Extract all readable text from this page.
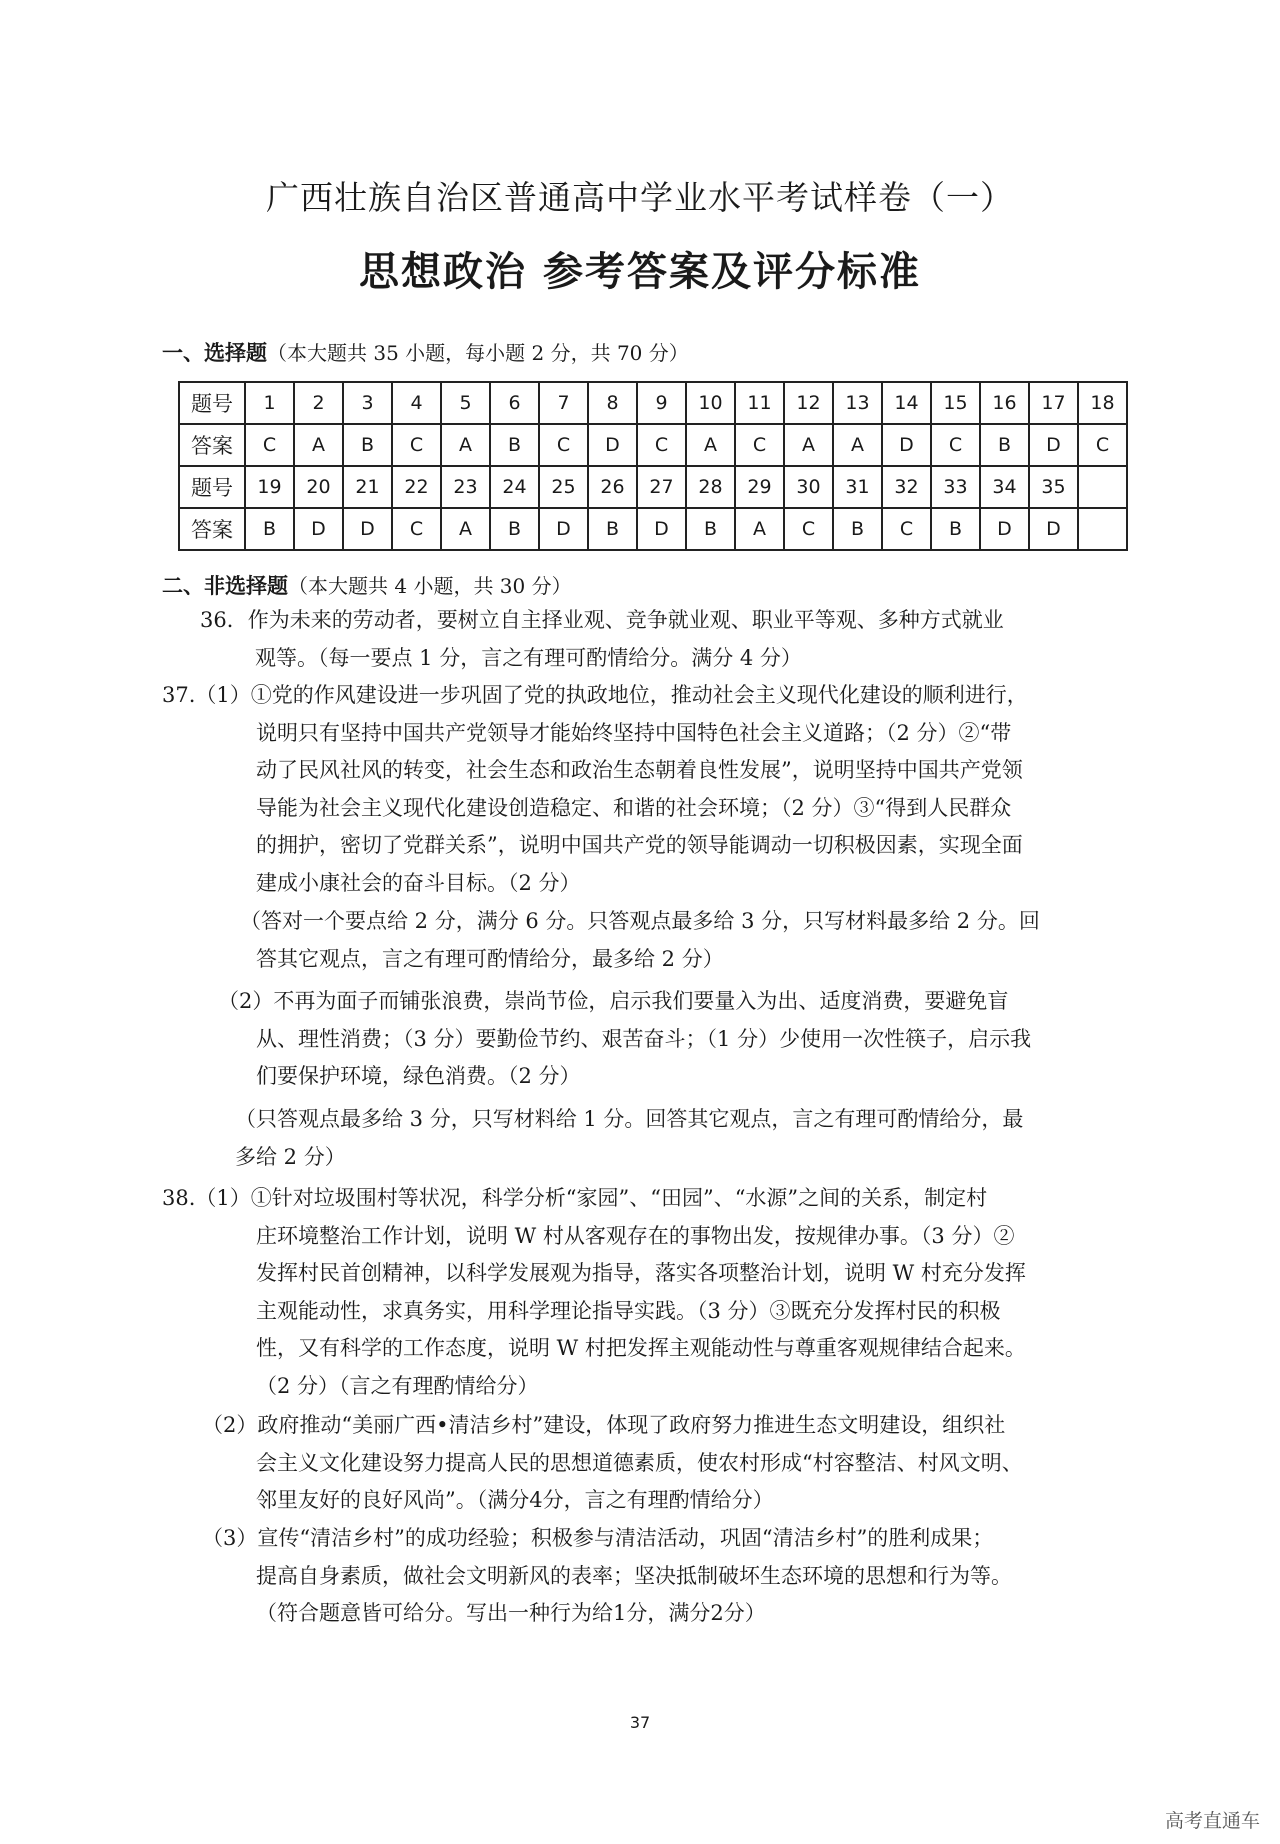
广西壮族自治区普通高中学业水平考试样卷（一）
思想政治 参考答案及评分标准
一、选择题（本大题共 35 小题，每小题 2 分，共 70 分）
题号	1	2	3	4	5	6	7	8	9	10	11	12	13	14	15	16	17	18
答案	C	A	B	C	A	B	C	D	C	A	C	A	A	D	C	B	D	C
题号	19	20	21	22	23	24	25	26	27	28	29	30	31	32	33	34	35	
答案	B	D	D	C	A	B	D	B	D	B	A	C	B	C	B	D	D	
二、非选择题（本大题共 4 小题，共 30 分）
36．作为未来的劳动者，要树立自主择业观、竞争就业观、职业平等观、多种方式就业
观等。（每一要点 1 分，言之有理可酌情给分。满分 4 分）
37.（1）①党的作风建设进一步巩固了党的执政地位，推动社会主义现代化建设的顺利进行，
说明只有坚持中国共产党领导才能始终坚持中国特色社会主义道路；（2 分）②“带
动了民风社风的转变，社会生态和政治生态朝着良性发展”，说明坚持中国共产党领
导能为社会主义现代化建设创造稳定、和谐的社会环境；（2 分）③“得到人民群众
的拥护，密切了党群关系”，说明中国共产党的领导能调动一切积极因素，实现全面
建成小康社会的奋斗目标。（2 分）
（答对一个要点给 2 分，满分 6 分。只答观点最多给 3 分，只写材料最多给 2 分。回
答其它观点，言之有理可酌情给分，最多给 2 分）
（2）不再为面子而铺张浪费，崇尚节俭，启示我们要量入为出、适度消费，要避免盲
从、理性消费；（3 分）要勤俭节约、艰苦奋斗；（1 分）少使用一次性筷子，启示我
们要保护环境，绿色消费。（2 分）
（只答观点最多给 3 分，只写材料给 1 分。回答其它观点，言之有理可酌情给分，最
多给 2 分）
38.（1）①针对垃圾围村等状况，科学分析“家园”、“田园”、“水源”之间的关系，制定村
庄环境整治工作计划，说明 W 村从客观存在的事物出发，按规律办事。（3 分）②
发挥村民首创精神，以科学发展观为指导，落实各项整治计划，说明 W 村充分发挥
主观能动性，求真务实，用科学理论指导实践。（3 分）③既充分发挥村民的积极
性，又有科学的工作态度，说明 W 村把发挥主观能动性与尊重客观规律结合起来。
（2 分）（言之有理酌情给分）
（2）政府推动“美丽广西•清洁乡村”建设，体现了政府努力推进生态文明建设，组织社
会主义文化建设努力提高人民的思想道德素质，使农村形成“村容整洁、村风文明、
邻里友好的良好风尚”。（满分4分，言之有理酌情给分）
（3）宣传“清洁乡村”的成功经验；积极参与清洁活动，巩固“清洁乡村”的胜利成果；
提高自身素质，做社会文明新风的表率；坚决抵制破坏生态环境的思想和行为等。
（符合题意皆可给分。写出一种行为给1分，满分2分）
37
高考直通车
